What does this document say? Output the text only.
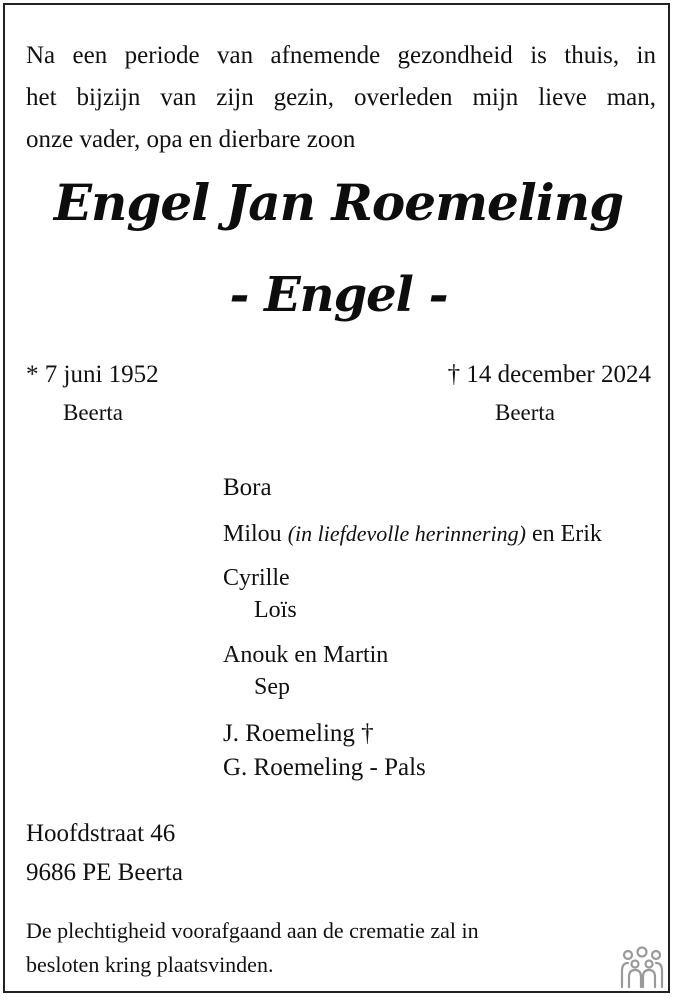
Na een periode van afnemende gezondheid is thuis, in
het bijzijn van zijn gezin, overleden mijn lieve man,
onze vader, opa en dierbare zoon
Engel Jan Roemeling
- Engel -
* 7 juni 1952
Beerta
† 14 december 2024
Beerta
Bora
Milou (in liefdevolle herinnering) en Erik
Cyrille
Loïs
Anouk en Martin
Sep
J. Roemeling †
G. Roemeling - Pals
Hoofdstraat 46
9686 PE Beerta
De plechtigheid voorafgaand aan de crematie zal in
besloten kring plaatsvinden.
